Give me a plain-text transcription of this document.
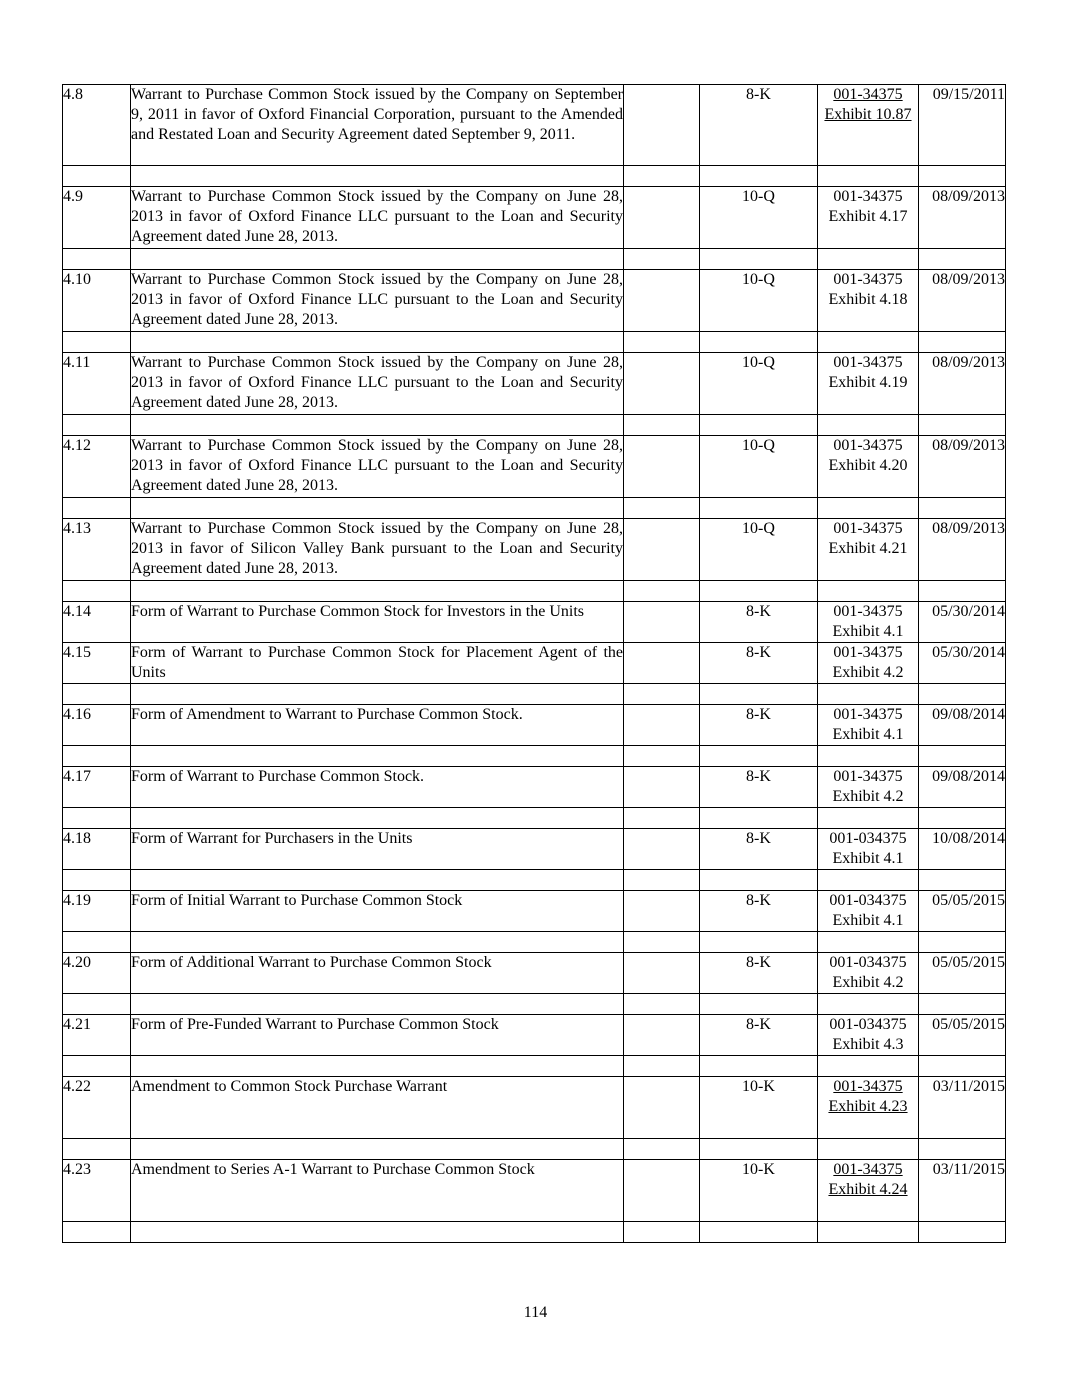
4.8	Warrant to Purchase Common Stock issued by the Company on September 9, 2011 in favor of Oxford Financial Corporation, pursuant to the Amended and Restated Loan and Security Agreement dated September 9, 2011.		8-K	001-34375
Exhibit 10.87	09/15/2011

4.9	Warrant to Purchase Common Stock issued by the Company on June 28, 2013 in favor of Oxford Finance LLC pursuant to the Loan and Security Agreement dated June 28, 2013.		10-Q	001-34375
Exhibit 4.17	08/09/2013

4.10	Warrant to Purchase Common Stock issued by the Company on June 28, 2013 in favor of Oxford Finance LLC pursuant to the Loan and Security Agreement dated June 28, 2013.		10-Q	001-34375
Exhibit 4.18	08/09/2013

4.11	Warrant to Purchase Common Stock issued by the Company on June 28, 2013 in favor of Oxford Finance LLC pursuant to the Loan and Security Agreement dated June 28, 2013.		10-Q	001-34375
Exhibit 4.19	08/09/2013

4.12	Warrant to Purchase Common Stock issued by the Company on June 28, 2013 in favor of Oxford Finance LLC pursuant to the Loan and Security Agreement dated June 28, 2013.		10-Q	001-34375
Exhibit 4.20	08/09/2013

4.13	Warrant to Purchase Common Stock issued by the Company on June 28, 2013 in favor of Silicon Valley Bank pursuant to the Loan and Security Agreement dated June 28, 2013.		10-Q	001-34375
Exhibit 4.21	08/09/2013

4.14	Form of Warrant to Purchase Common Stock for Investors in the Units		8-K	001-34375
Exhibit 4.1	05/30/2014
4.15	Form of Warrant to Purchase Common Stock for Placement Agent of the Units		8-K	001-34375
Exhibit 4.2	05/30/2014

4.16	Form of Amendment to Warrant to Purchase Common Stock.		8-K	001-34375
Exhibit 4.1	09/08/2014

4.17	Form of Warrant to Purchase Common Stock.		8-K	001-34375
Exhibit 4.2	09/08/2014

4.18	Form of Warrant for Purchasers in the Units		8-K	001-034375
Exhibit 4.1	10/08/2014

4.19	Form of Initial Warrant to Purchase Common Stock		8-K	001-034375
Exhibit 4.1	05/05/2015

4.20	Form of Additional Warrant to Purchase Common Stock		8-K	001-034375
Exhibit 4.2	05/05/2015

4.21	Form of Pre-Funded Warrant to Purchase Common Stock		8-K	001-034375
Exhibit 4.3	05/05/2015

4.22	Amendment to Common Stock Purchase Warrant		10-K	001-34375
Exhibit 4.23	03/11/2015

4.23	Amendment to Series A-1 Warrant to Purchase Common Stock		10-K	001-34375
Exhibit 4.24	03/11/2015

114
